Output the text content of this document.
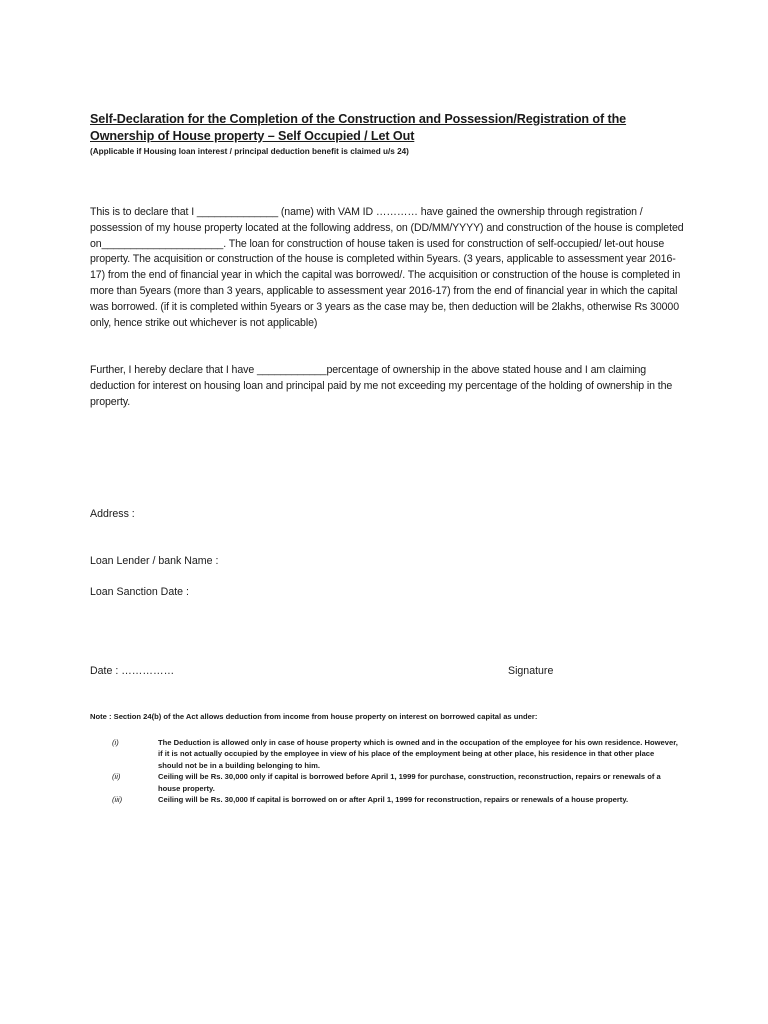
Self-Declaration for the Completion of the Construction and Possession/Registration of the Ownership of House property – Self Occupied / Let Out
(Applicable if Housing loan interest / principal deduction benefit is claimed u/s 24)
This is to declare that I ______________ (name) with VAM ID ………… have gained the ownership through registration / possession of my house property located at the following address, on (DD/MM/YYYY) and construction of the house is completed on_____________________. The loan for construction of house taken is used for construction of self-occupied/ let-out house property. The acquisition or construction of the house is completed within 5years. (3 years, applicable to assessment year 2016-17) from the end of financial year in which the capital was borrowed/. The acquisition or construction of the house is completed in more than 5years (more than 3 years, applicable to assessment year 2016-17) from the end of financial year in which the capital was borrowed. (if it is completed within 5years or 3 years as the case may be, then deduction will be 2lakhs, otherwise Rs 30000 only, hence strike out whichever is not applicable)
Further, I hereby declare that I have ____________percentage of ownership in the above stated house and I am claiming deduction for interest on housing loan and principal paid by me not exceeding my percentage of the holding of ownership in the property.
Address :
Loan Lender / bank Name :
Loan Sanction Date :
Date : ……………	Signature
Note : Section 24(b) of the Act allows deduction from income from house property on interest on borrowed capital as under:
(i)	The Deduction is allowed only in case of house property which is owned and in the occupation of the employee for his own residence. However, if it is not actually occupied by the employee in view of his place of the employment being at other place, his residence in that other place should not be in a building belonging to him.
(ii)	Ceiling will be Rs. 30,000 only if capital is borrowed before April 1, 1999 for purchase, construction, reconstruction, repairs or renewals of a house property.
(iii)	Ceiling will be Rs. 30,000 If capital is borrowed on or after April 1, 1999 for reconstruction, repairs or renewals of a house property.
